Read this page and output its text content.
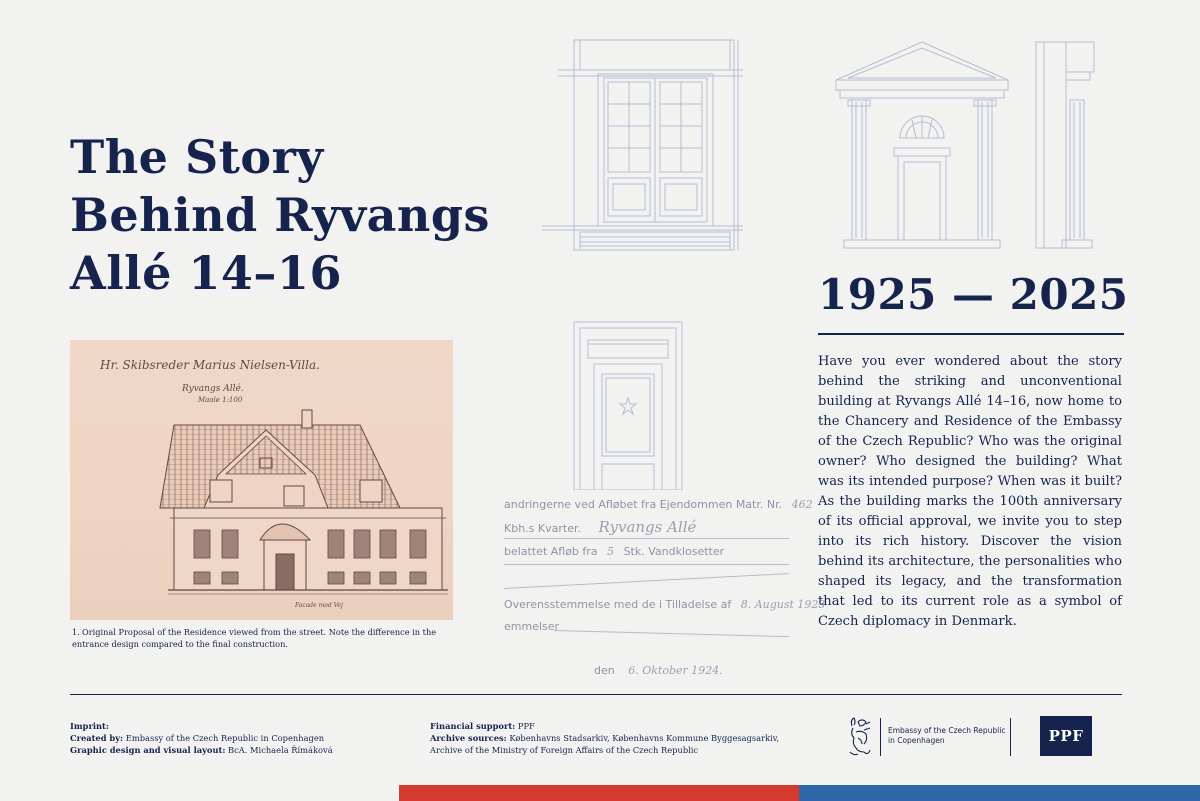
The Story
Behind Ryvangs
Allé 14–16
andringerne ved Afløbet fra Ejendommen Matr. Nr. 462
Kbh.s Kvarter. Ryvangs Allé
belattet Afløb fra 5 Stk. Vandklosetter
Overensstemmelse med de i Tilladelse af 8. August 1923
emmelser
den 6. Oktober 1924.
Hr. Skibsreder Marius Nielsen-Villa.
Ryvangs Allé.
Maale 1:100
Facade mod Vej
1. Original Proposal of the Residence viewed from the street. Note the difference in the entrance design compared to the final construction.
1925 — 2025
Have you ever wondered about the story behind the striking and unconventional building at Ryvangs Allé 14–16, now home to the Chancery and Residence of the Embassy of the Czech Republic? Who was the original owner? Who designed the building? What was its intended purpose? When was it built? As the building marks the 100th anniversary of its official approval, we invite you to step into its rich history. Discover the vision behind its architecture, the personalities who shaped its legacy, and the transformation that led to its current role as a symbol of Czech diplomacy in Denmark.
Imprint:
Created by: Embassy of the Czech Republic in Copenhagen
Graphic design and visual layout: BcA. Michaela Římáková
Financial support: PPF
Archive sources: Københavns Stadsarkiv, Københavns Kommune Byggesagsarkiv, Archive of the Ministry of Foreign Affairs of the Czech Republic
Embassy of the Czech Republic in Copenhagen	PPF
